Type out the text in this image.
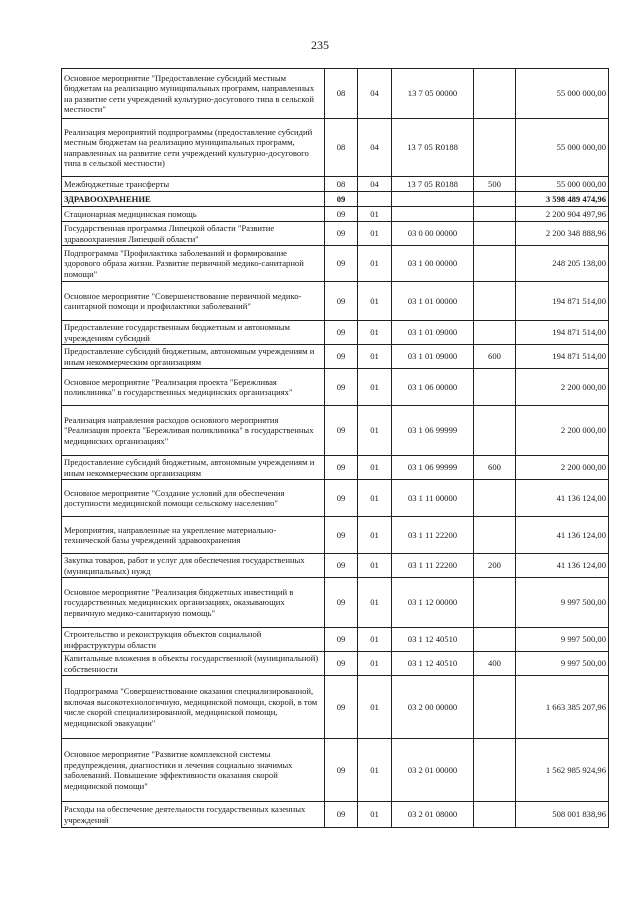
235
Основное мероприятие "Предоставление субсидий местным бюджетам на реализацию муниципальных программ, направленных на развитие сети учреждений культурно-досугового типа в сельской местности"	08	04	13 7 05 00000		55 000 000,00
Реализация мероприятий подпрограммы (предоставление субсидий местным бюджетам на реализацию муниципальных программ, направленных на развитие сети учреждений культурно-досугового типа в сельской местности)	08	04	13 7 05 R0188		55 000 000,00
Межбюджетные трансферты	08	04	13 7 05 R0188	500	55 000 000,00
ЗДРАВООХРАНЕНИЕ	09				3 598 489 474,96
Стационарная медицинская помощь	09	01			2 200 904 497,96
Государственная программа Липецкой области "Развитие здравоохранения Липецкой области"	09	01	03 0 00 00000		2 200 348 888,96
Подпрограмма "Профилактика заболеваний и формирование здорового образа жизни. Развитие первичной медико-санитарной помощи"	09	01	03 1 00 00000		248 205 138,00
Основное мероприятие "Совершенствование первичной медико-санитарной помощи и профилактики заболеваний"	09	01	03 1 01 00000		194 871 514,00
Предоставление государственным бюджетным и автономным учреждениям субсидий	09	01	03 1 01 09000		194 871 514,00
Предоставление субсидий бюджетным, автономным учреждениям и иным некоммерческим организациям	09	01	03 1 01 09000	600	194 871 514,00
Основное мероприятие "Реализация проекта "Бережливая поликлиника" в государственных медицинских организациях"	09	01	03 1 06 00000		2 200 000,00
Реализация направления расходов основного мероприятия "Реализация проекта "Бережливая поликлиника" в государственных медицинских организациях"	09	01	03 1 06 99999		2 200 000,00
Предоставление субсидий бюджетным, автономным учреждениям и иным некоммерческим организациям	09	01	03 1 06 99999	600	2 200 000,00
Основное мероприятие "Создание условий для обеспечения доступности медицинской помощи сельскому населению"	09	01	03 1 11 00000		41 136 124,00
Мероприятия, направленные на укрепление материально-технической базы учреждений здравоохранения	09	01	03 1 11 22200		41 136 124,00
Закупка товаров, работ и услуг для обеспечения государственных (муниципальных) нужд	09	01	03 1 11 22200	200	41 136 124,00
Основное мероприятие "Реализация бюджетных инвестиций в государственных медицинских организациях, оказывающих первичную медико-санитарную помощь"	09	01	03 1 12 00000		9 997 500,00
Строительство и реконструкция объектов социальной инфраструктуры области	09	01	03 1 12 40510		9 997 500,00
Капитальные вложения в объекты государственной (муниципальной) собственности	09	01	03 1 12 40510	400	9 997 500,00
Подпрограмма "Совершенствование оказания специализированной, включая высокотехнологичную, медицинской помощи, скорой, в том числе скорой специализированной, медицинской помощи, медицинской эвакуации"	09	01	03 2 00 00000		1 663 385 207,96
Основное мероприятие "Развитие комплексной системы предупреждения, диагностики и лечения социально значимых заболеваний. Повышение эффективности оказания скорой медицинской помощи"	09	01	03 2 01 00000		1 562 985 924,96
Расходы на обеспечение деятельности государственных казенных учреждений	09	01	03 2 01 08000		508 001 838,96
